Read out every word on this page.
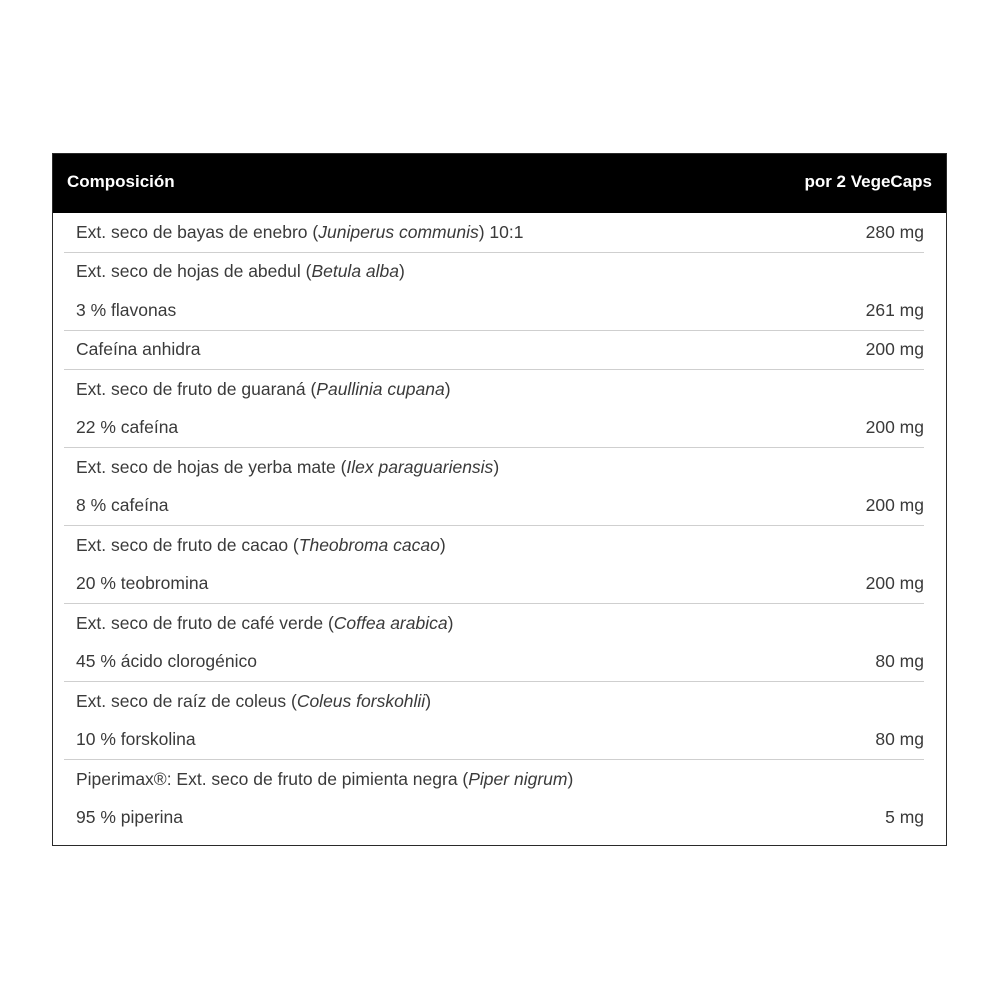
Composición	por 2 VegeCaps
Ext. seco de bayas de enebro (Juniperus communis) 10:1	280 mg
Ext. seco de hojas de abedul (Betula alba)
3 % flavonas	261 mg
Cafeína anhidra	200 mg
Ext. seco de fruto de guaraná (Paullinia cupana)
22 % cafeína	200 mg
Ext. seco de hojas de yerba mate (Ilex paraguariensis)
8 % cafeína	200 mg
Ext. seco de fruto de cacao (Theobroma cacao)
20 % teobromina	200 mg
Ext. seco de fruto de café verde (Coffea arabica)
45 % ácido clorogénico	80 mg
Ext. seco de raíz de coleus (Coleus forskohlii)
10 % forskolina	80 mg
Piperimax®: Ext. seco de fruto de pimienta negra (Piper nigrum)
95 % piperina	5 mg
